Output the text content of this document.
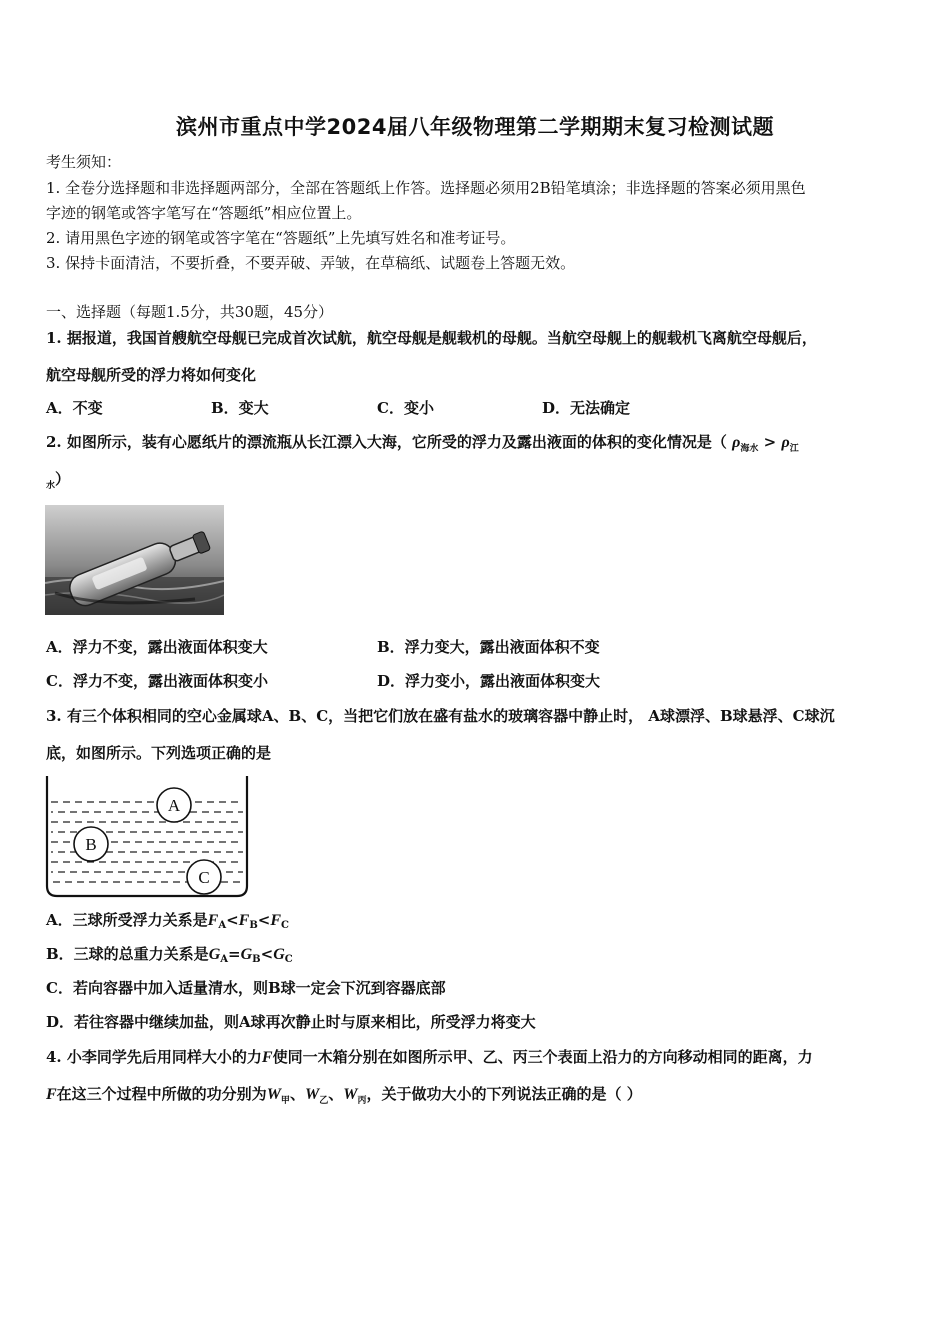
滨州市重点中学2024届八年级物理第二学期期末复习检测试题
考生须知：
1. 全卷分选择题和非选择题两部分，全部在答题纸上作答。选择题必须用2B铅笔填涂；非选择题的答案必须用黑色
字迹的钢笔或答字笔写在“答题纸”相应位置上。
2. 请用黑色字迹的钢笔或答字笔在“答题纸”上先填写姓名和准考证号。
3. 保持卡面清洁，不要折叠，不要弄破、弄皱，在草稿纸、试题卷上答题无效。
一、选择题（每题1.5分，共30题，45分）
1. 据报道，我国首艘航空母舰已完成首次试航，航空母舰是舰载机的母舰。当航空母舰上的舰载机飞离航空母舰后，
航空母舰所受的浮力将如何变化
A．不变	B．变大	C．变小	D．无法确定
2. 如图所示，装有心愿纸片的漂流瓶从长江漂入大海，它所受的浮力及露出液面的体积的变化情况是（ $\rho_{海水} > \rho_江$
$_水$）
A．浮力不变，露出液面体积变大	B．浮力变大，露出液面体积不变
C．浮力不变，露出液面体积变小	D．浮力变小，露出液面体积变大
3. 有三个体积相同的空心金属球A、B、C，当把它们放在盛有盐水的玻璃容器中静止时， A球漂浮、B球悬浮、C球沉
底，如图所示。下列选项正确的是
A
B
C
A．三球所受浮力关系是$F_A<F_B<F_C$
B．三球的总重力关系是$G_A=G_B<G_C$
C．若向容器中加入适量清水，则B球一定会下沉到容器底部
D．若往容器中继续加盐，则A球再次静止时与原来相比，所受浮力将变大
4. 小李同学先后用同样大小的力F使同一木箱分别在如图所示甲、乙、丙三个表面上沿力的方向移动相同的距离，力
F在这三个过程中所做的功分别为$W_甲$、$W_乙$、$W_丙$，关于做功大小的下列说法正确的是（ ）
